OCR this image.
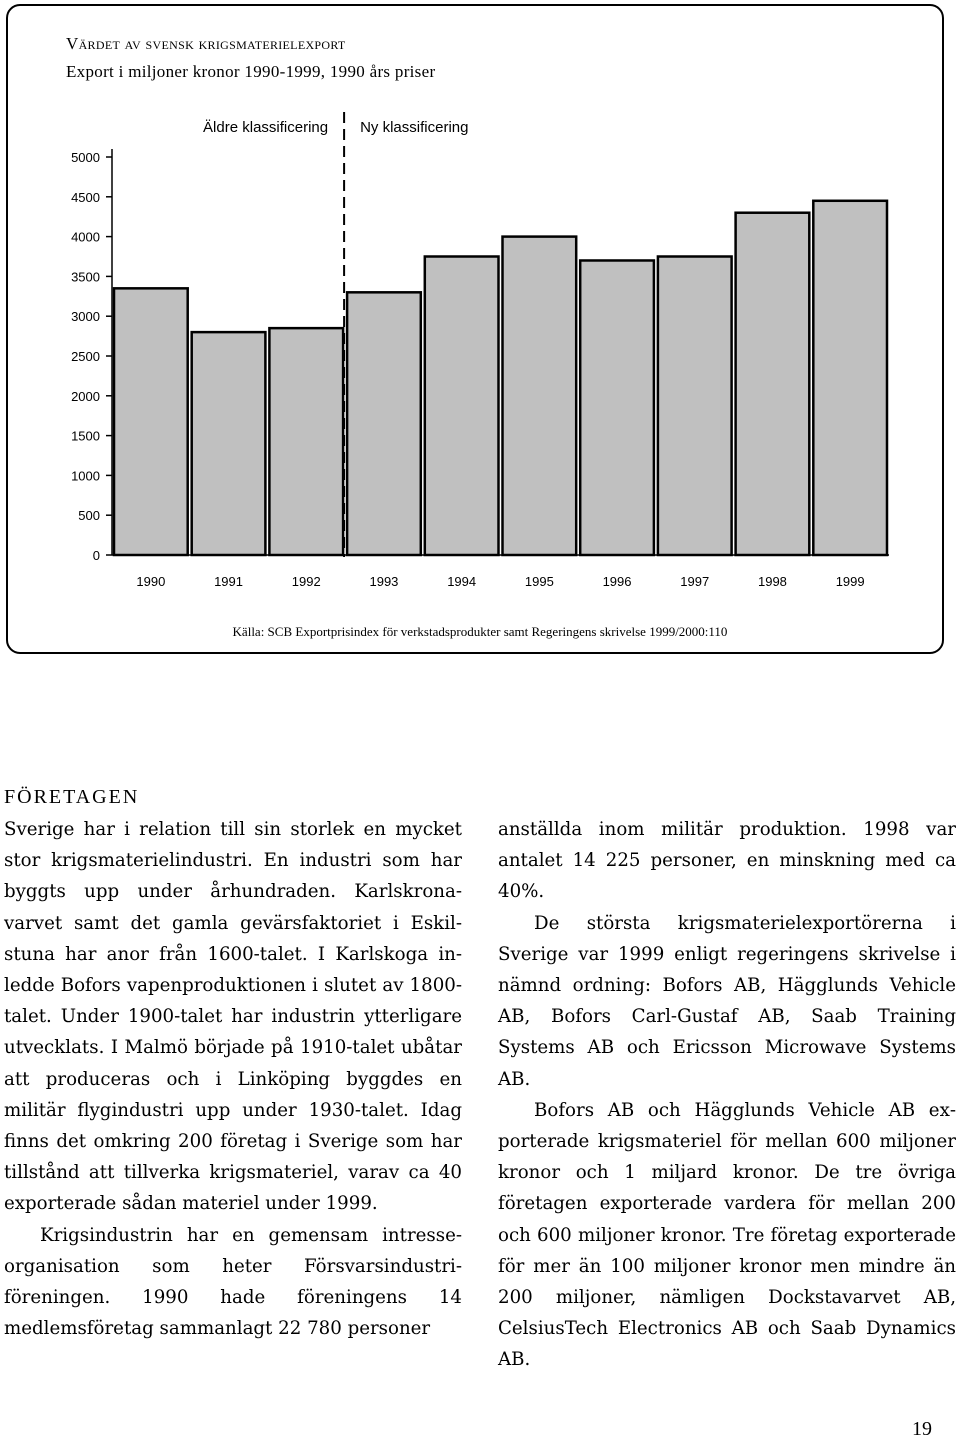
Värdet av svensk krigsmaterielexport
Export i miljoner kronor 1990-1999, 1990 års priser
0
500
1000
1500
2000
2500
3000
3500
4000
4500
5000
1990	1991	1992	1993	1994	1995	1996	1997	1998	1999
Äldre klassificering Ny klassificering
Källa: SCB Exportprisindex för verkstadsprodukter samt Regeringens skrivelse 1999/2000:110
FÖRETAGEN

Sverige har i relation till sin storlek en mycket stor krigsmaterielindustri. En industri som har byggts upp under århundraden. Karlskronavarvet samt det gamla gevärsfaktoriet i Eskilstuna har anor från 1600-talet. I Karlskoga inledde Bofors vapenproduktionen i slutet av 1800-talet. Under 1900-talet har industrin ytterligare utvecklats. I Malmö började på 1910-talet ubåtar att produceras och i Linköping byggdes en militär flygindustri upp under 1930-talet. Idag finns det omkring 200 företag i Sverige som har tillstånd att tillverka krigsmateriel, varav ca 40 exporterade sådan materiel under 1999.

Krigsindustrin har en gemensam intresseorganisation som heter Försvarsindustriföreningen. 1990 hade föreningens 14 medlemsföretag sammanlagt 22 780 personer

anställda inom militär produktion. 1998 var antalet 14 225 personer, en minskning med ca 40%.

De största krigsmaterielexportörerna i Sverige var 1999 enligt regeringens skrivelse i nämnd ordning: Bofors AB, Hägglunds Vehicle AB, Bofors Carl-Gustaf AB, Saab Training Systems AB och Ericsson Microwave Systems AB.

Bofors AB och Hägglunds Vehicle AB exporterade krigsmateriel för mellan 600 miljoner kronor och 1 miljard kronor. De tre övriga företagen exporterade vardera för mellan 200 och 600 miljoner kronor. Tre företag exporterade för mer än 100 miljoner kronor men mindre än 200 miljoner, nämligen Dockstavarvet AB, CelsiusTech Electronics AB och Saab Dynamics AB.

19
